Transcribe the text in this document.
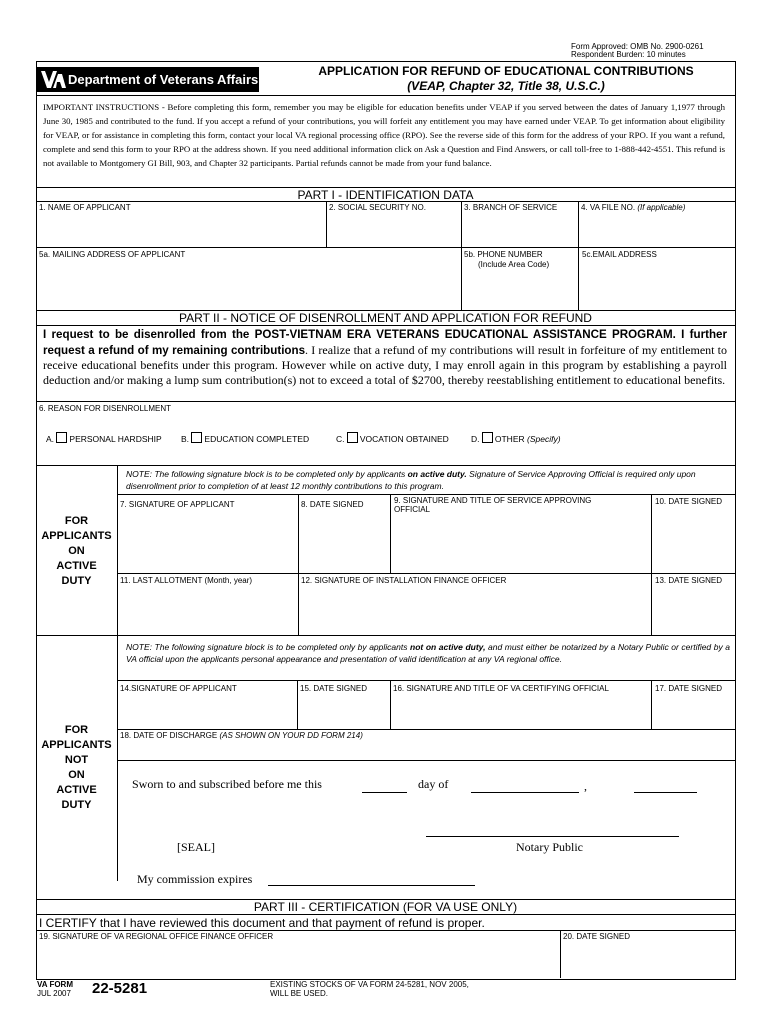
Form Approved: OMB No. 2900-0261
Respondent Burden: 10 minutes
Department of Veterans Affairs
APPLICATION FOR REFUND OF EDUCATIONAL CONTRIBUTIONS
(VEAP, Chapter 32, Title 38, U.S.C.)
IMPORTANT INSTRUCTIONS - Before completing this form, remember you may be eligible for education benefits under VEAP if you served between the dates of January 1,1977 through June 30, 1985 and contributed to the fund. If you accept a refund of your contributions, you will forfeit any entitlement you may have earned under VEAP. To get information about eligibility for VEAP, or for assistance in completing this form, contact your local VA regional processing office (RPO). See the reverse side of this form for the address of your RPO. If you want a refund, complete and send this form to your RPO at the address shown. If you need additional information click on Ask a Question and Find Answers, or call toll-free to 1-888-442-4551. This refund is not available to Montgomery GI Bill, 903, and Chapter 32 participants. Partial refunds cannot be made from your fund balance.
PART I - IDENTIFICATION DATA
1. NAME OF APPLICANT	2. SOCIAL SECURITY NO.	3. BRANCH OF SERVICE	4. VA FILE NO. (If applicable)
5a. MAILING ADDRESS OF APPLICANT	5b. PHONE NUMBER
(Include Area Code)
5c.EMAIL ADDRESS
PART II - NOTICE OF DISENROLLMENT AND APPLICATION FOR REFUND
I request to be disenrolled from the POST-VIETNAM ERA VETERANS EDUCATIONAL ASSISTANCE PROGRAM. I further request a refund of my remaining contributions. I realize that a refund of my contributions will result in forfeiture of my entitlement to receive educational benefits under this program. However while on active duty, I may enroll again in this program by establishing a payroll deduction and/or making a lump sum contribution(s) not to exceed a total of $2700, thereby reestablishing entitlement to educational benefits.
6. REASON FOR DISENROLLMENT
A. PERSONAL HARDSHIP B. EDUCATION COMPLETED	C. VOCATION OBTAINED	D. OTHER (Specify)
FOR
APPLICANTS
ON
ACTIVE
DUTY
NOTE: The following signature block is to be completed only by applicants on active duty. Signature of Service Approving Official is required only upon disenrollment prior to completion of at least 12 monthly contributions to this program.
7. SIGNATURE OF APPLICANT	8. DATE SIGNED	9. SIGNATURE AND TITLE OF SERVICE APPROVING OFFICIAL
10. DATE SIGNED
11. LAST ALLOTMENT (Month, year)	12. SIGNATURE OF INSTALLATION FINANCE OFFICER	13. DATE SIGNED
FOR
APPLICANTS
NOT
ON
ACTIVE
DUTY
NOTE: The following signature block is to be completed only by applicants not on active duty, and must either be notarized by a Notary Public or certified by a VA official upon the applicants personal appearance and presentation of valid identification at any VA regional office.
14.SIGNATURE OF APPLICANT	15. DATE SIGNED	16. SIGNATURE AND TITLE OF VA CERTIFYING OFFICIAL	17. DATE SIGNED
18. DATE OF DISCHARGE (AS SHOWN ON YOUR DD FORM 214)
Sworn to and subscribed before me this	day of	,
[SEAL]	Notary Public
My commission expires
PART III - CERTIFICATION (FOR VA USE ONLY)
I CERTIFY that I have reviewed this document and that payment of refund is proper.
19. SIGNATURE OF VA REGIONAL OFFICE FINANCE OFFICER	20. DATE SIGNED
VA FORM
JUL 2007 22-5281	EXISTING STOCKS OF VA FORM 24-5281, NOV 2005,
WILL BE USED.
